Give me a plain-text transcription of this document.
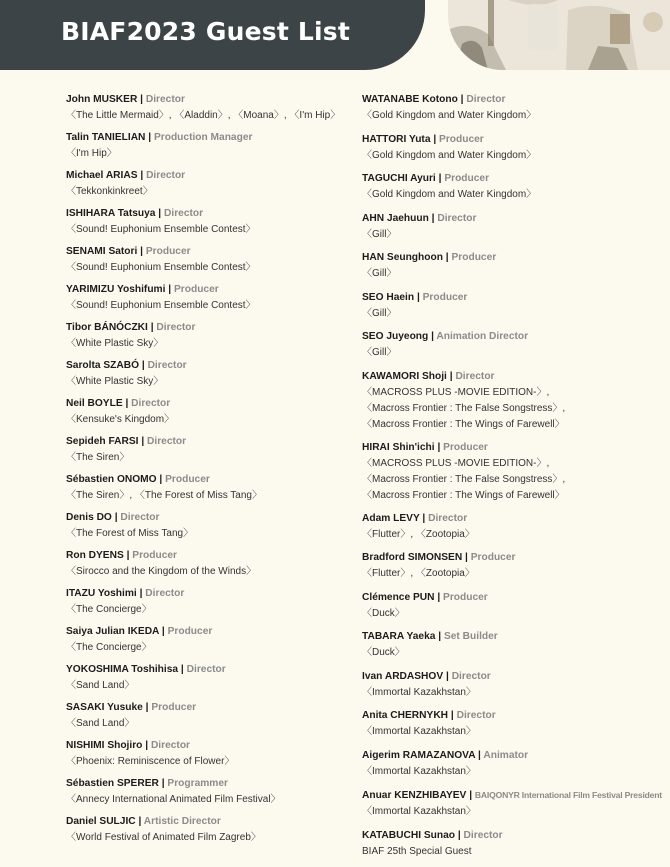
BIAF2023 Guest List
John MUSKER | Director
〈The Little Mermaid〉, 〈Aladdin〉, 〈Moana〉, 〈I'm Hip〉
Talin TANIELIAN | Production Manager
〈I'm Hip〉
Michael ARIAS | Director
〈Tekkonkinkreet〉
ISHIHARA Tatsuya | Director
〈Sound! Euphonium Ensemble Contest〉
SENAMI Satori | Producer
〈Sound! Euphonium Ensemble Contest〉
YARIMIZU Yoshifumi | Producer
〈Sound! Euphonium Ensemble Contest〉
Tibor BÁNÓCZKI | Director
〈White Plastic Sky〉
Sarolta SZABÓ | Director
〈White Plastic Sky〉
Neil BOYLE | Director
〈Kensuke's Kingdom〉
Sepideh FARSI | Director
〈The Siren〉
Sébastien ONOMO | Producer
〈The Siren〉, 〈The Forest of Miss Tang〉
Denis DO | Director
〈The Forest of Miss Tang〉
Ron DYENS | Producer
〈Sirocco and the Kingdom of the Winds〉
ITAZU Yoshimi | Director
〈The Concierge〉
Saiya Julian IKEDA | Producer
〈The Concierge〉
YOKOSHIMA Toshihisa | Director
〈Sand Land〉
SASAKI Yusuke | Producer
〈Sand Land〉
NISHIMI Shojiro | Director
〈Phoenix: Reminiscence of Flower〉
Sébastien SPERER | Programmer
〈Annecy International Animated Film Festival〉
Daniel SULJIC | Artistic Director
〈World Festival of Animated Film Zagreb〉
WATANABE Kotono | Director
〈Gold Kingdom and Water Kingdom〉
HATTORI Yuta | Producer
〈Gold Kingdom and Water Kingdom〉
TAGUCHI Ayuri | Producer
〈Gold Kingdom and Water Kingdom〉
AHN Jaehuun | Director
〈Gill〉
HAN Seunghoon | Producer
〈Gill〉
SEO Haein | Producer
〈Gill〉
SEO Juyeong | Animation Director
〈Gill〉
KAWAMORI Shoji | Director
〈MACROSS PLUS -MOVIE EDITION-〉,
〈Macross Frontier : The False Songstress〉,
〈Macross Frontier : The Wings of Farewell〉
HIRAI Shin'ichi | Producer
〈MACROSS PLUS -MOVIE EDITION-〉,
〈Macross Frontier : The False Songstress〉,
〈Macross Frontier : The Wings of Farewell〉
Adam LEVY | Director
〈Flutter〉, 〈Zootopia〉
Bradford SIMONSEN | Producer
〈Flutter〉, 〈Zootopia〉
Clémence PUN | Producer
〈Duck〉
TABARA Yaeka | Set Builder
〈Duck〉
Ivan ARDASHOV | Director
〈Immortal Kazakhstan〉
Anita CHERNYKH | Director
〈Immortal Kazakhstan〉
Aigerim RAMAZANOVA | Animator
〈Immortal Kazakhstan〉
Anuar KENZHIBAYEV | BAIQONYR International Film Festival President
〈Immortal Kazakhstan〉
KATABUCHI Sunao | Director
BIAF 25th Special Guest
